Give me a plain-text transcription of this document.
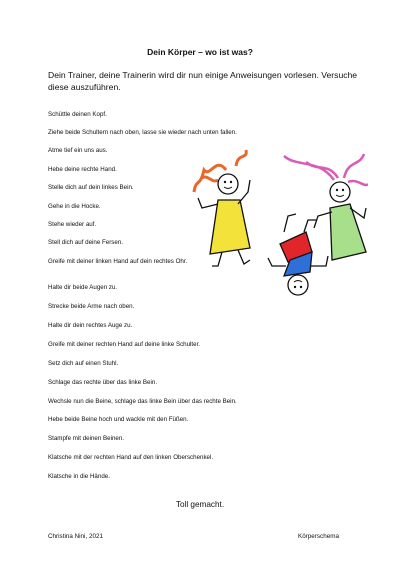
Dein Körper – wo ist was?
Dein Trainer, deine Trainerin wird dir nun einige Anweisungen vorlesen. Versuche diese auszuführen.
Schüttle deinen Kopf.
Ziehe beide Schultern nach oben, lasse sie wieder nach unten fallen.
Atme tief ein uns aus.
Hebe deine rechte Hand.
Stelle dich auf dein linkes Bein.
Gehe in die Hocke.
Stehe wieder auf.
Stell dich auf deine Fersen.
Greife mit deiner linken Hand auf dein rechtes Ohr.
Halte dir beide Augen zu.
Strecke beide Arme nach oben.
Halte dir dein rechtes Auge zu.
Greife mit deiner rechten Hand auf deine linke Schulter.
Setz dich auf einen Stuhl.
Schlage das rechte über das linke Bein.
Wechsle nun die Beine, schlage das linke Bein über das rechte Bein.
Hebe beide Beine hoch und wackle mit den Füßen.
Stampfe mit deinen Beinen.
Klatsche mit der rechten Hand auf den linken Oberschenkel.
Klatsche in die Hände.
Toll gemacht.
Christina Nini, 2021	Körperschema
